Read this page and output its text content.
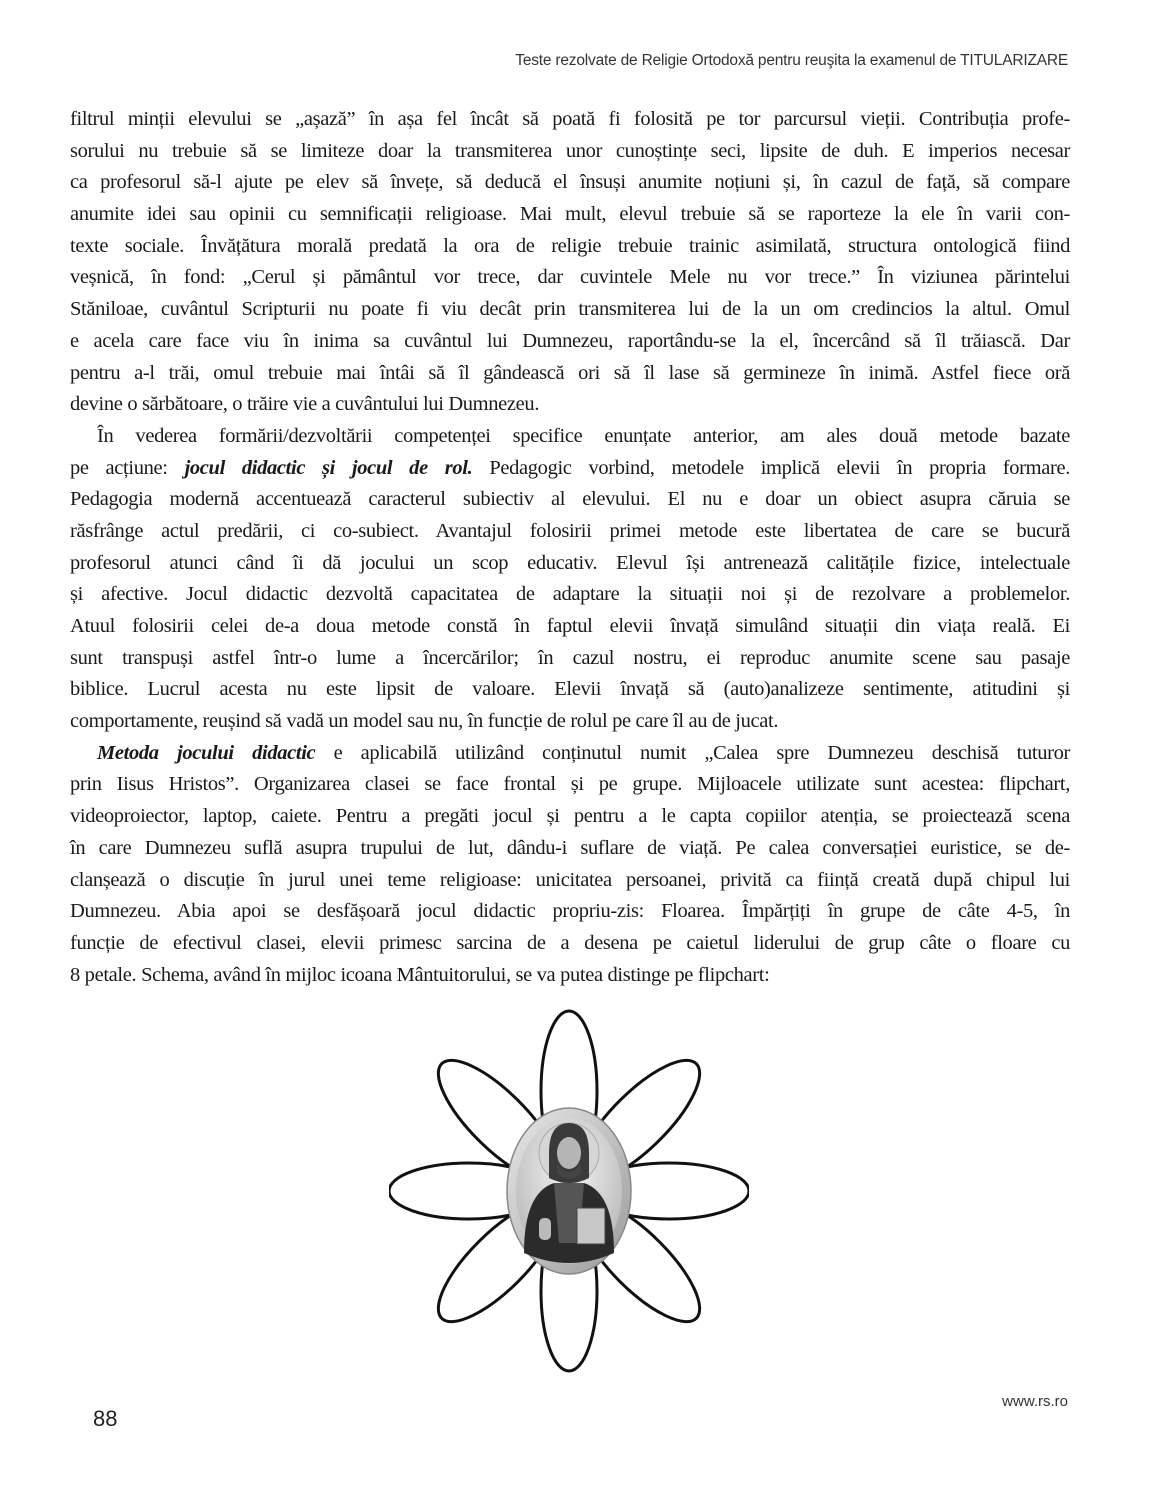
Teste rezolvate de Religie Ortodoxă pentru reuşita la examenul de TITULARIZARE
filtrul minții elevului se „așază” în așa fel încât să poată fi folosită pe tor parcursul vieții. Contribuția profe-
sorului nu trebuie să se limiteze doar la transmiterea unor cunoștințe seci, lipsite de duh. E imperios necesar
ca profesorul să-l ajute pe elev să învețe, să deducă el însuși anumite noțiuni și, în cazul de față, să compare
anumite idei sau opinii cu semnificații religioase. Mai mult, elevul trebuie să se raporteze la ele în varii con-
texte sociale. Învățătura morală predată la ora de religie trebuie trainic asimilată, structura ontologică fiind
veșnică, în fond: „Cerul și pământul vor trece, dar cuvintele Mele nu vor trece.” În viziunea părintelui
Stăniloae, cuvântul Scripturii nu poate fi viu decât prin transmiterea lui de la un om credincios la altul. Omul
e acela care face viu în inima sa cuvântul lui Dumnezeu, raportându-se la el, încercând să îl trăiască. Dar
pentru a-l trăi, omul trebuie mai întâi să îl gândească ori să îl lase să germineze în inimă. Astfel fiece oră
devine o sărbătoare, o trăire vie a cuvântului lui Dumnezeu.
În vederea formării/dezvoltării competenței specifice enunțate anterior, am ales două metode bazate
pe acțiune: jocul didactic și jocul de rol. Pedagogic vorbind, metodele implică elevii în propria formare.
Pedagogia modernă accentuează caracterul subiectiv al elevului. El nu e doar un obiect asupra căruia se
răsfrânge actul predării, ci co-subiect. Avantajul folosirii primei metode este libertatea de care se bucură
profesorul atunci când îi dă jocului un scop educativ. Elevul își antrenează calitățile fizice, intelectuale
și afective. Jocul didactic dezvoltă capacitatea de adaptare la situații noi și de rezolvare a problemelor.
Atuul folosirii celei de-a doua metode constă în faptul elevii învață simulând situații din viața reală. Ei
sunt transpuși astfel într-o lume a încercărilor; în cazul nostru, ei reproduc anumite scene sau pasaje
biblice. Lucrul acesta nu este lipsit de valoare. Elevii învață să (auto)analizeze sentimente, atitudini și
comportamente, reușind să vadă un model sau nu, în funcție de rolul pe care îl au de jucat.
Metoda jocului didactic e aplicabilă utilizând conținutul numit „Calea spre Dumnezeu deschisă tuturor
prin Iisus Hristos”. Organizarea clasei se face frontal și pe grupe. Mijloacele utilizate sunt acestea: flipchart,
videoproiector, laptop, caiete. Pentru a pregăti jocul și pentru a le capta copiilor atenția, se proiectează scena
în care Dumnezeu suflă asupra trupului de lut, dându-i suflare de viață. Pe calea conversației euristice, se de-
clanșează o discuție în jurul unei teme religioase: unicitatea persoanei, privită ca ființă creată după chipul lui
Dumnezeu. Abia apoi se desfășoară jocul didactic propriu-zis: Floarea. Împărțiți în grupe de câte 4-5, în
funcție de efectivul clasei, elevii primesc sarcina de a desena pe caietul liderului de grup câte o floare cu
8 petale. Schema, având în mijloc icoana Mântuitorului, se va putea distinge pe flipchart:
www.rs.ro
88
